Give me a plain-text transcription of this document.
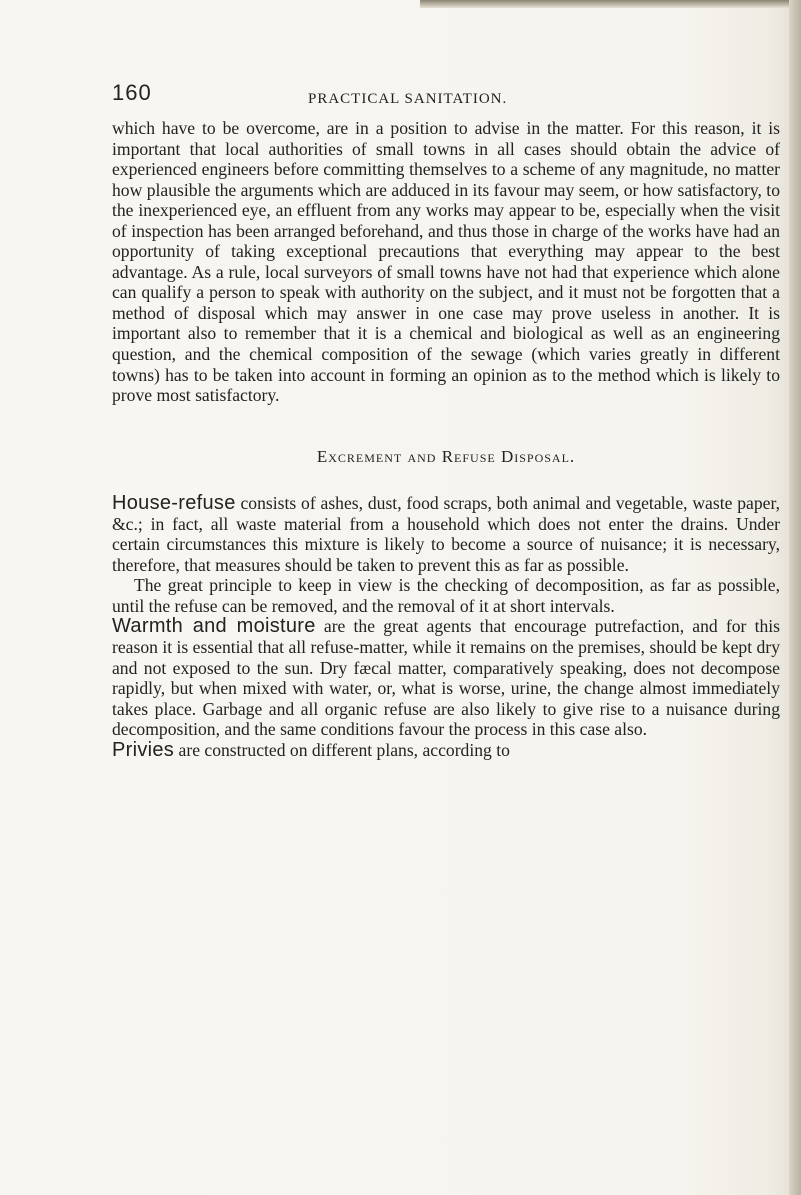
160	PRACTICAL SANITATION.

which have to be overcome, are in a position to advise in the matter. For this reason, it is important that local authorities of small towns in all cases should obtain the advice of experienced engineers before committing themselves to a scheme of any magnitude, no matter how plausible the arguments which are adduced in its favour may seem, or how satisfactory, to the inexperienced eye, an effluent from any works may appear to be, especially when the visit of inspection has been arranged beforehand, and thus those in charge of the works have had an opportunity of taking exceptional precautions that everything may appear to the best advantage. As a rule, local surveyors of small towns have not had that experience which alone can qualify a person to speak with authority on the subject, and it must not be forgotten that a method of disposal which may answer in one case may prove useless in another. It is important also to remember that it is a chemical and biological as well as an engineering question, and the chemical composition of the sewage (which varies greatly in different towns) has to be taken into account in forming an opinion as to the method which is likely to prove most satisfactory.

Excrement and Refuse Disposal.

House-refuse consists of ashes, dust, food scraps, both animal and vegetable, waste paper, &c.; in fact, all waste material from a household which does not enter the drains. Under certain circumstances this mixture is likely to become a source of nuisance; it is necessary, therefore, that measures should be taken to prevent this as far as possible.

The great principle to keep in view is the checking of decomposition, as far as possible, until the refuse can be removed, and the removal of it at short intervals.

Warmth and moisture are the great agents that encourage putrefaction, and for this reason it is essential that all refuse-matter, while it remains on the premises, should be kept dry and not exposed to the sun. Dry fæcal matter, comparatively speaking, does not decompose rapidly, but when mixed with water, or, what is worse, urine, the change almost immediately takes place. Garbage and all organic refuse are also likely to give rise to a nuisance during decomposition, and the same conditions favour the process in this case also.

Privies are constructed on different plans, according to
